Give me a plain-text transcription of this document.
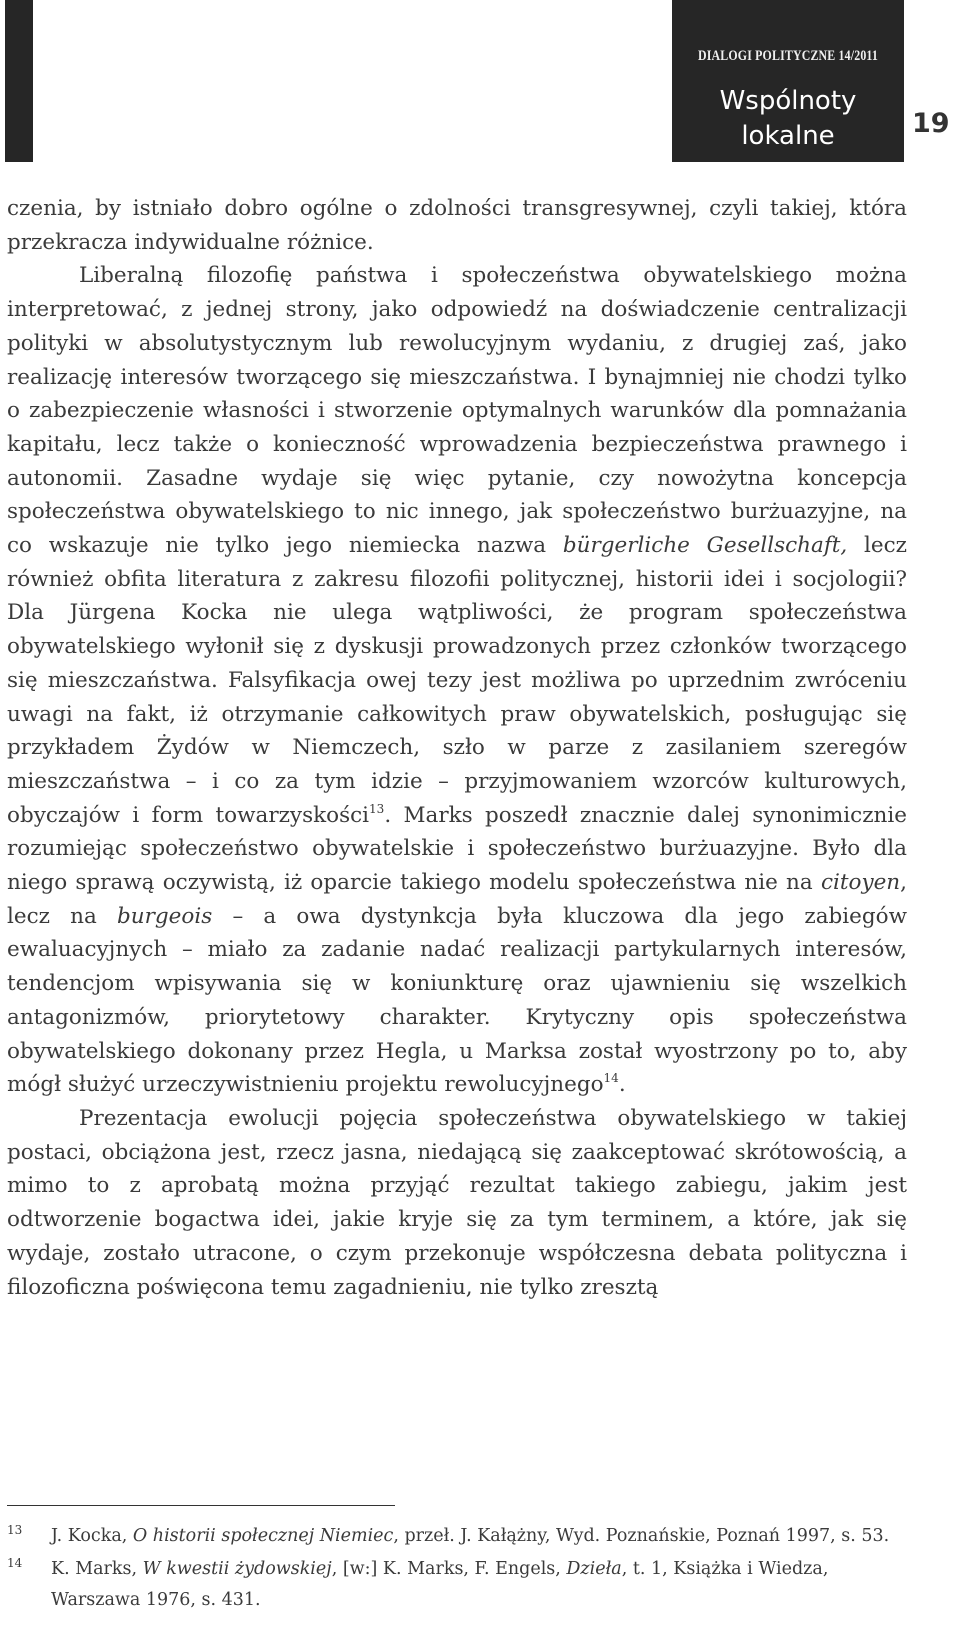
DIALOGI POLITYCZNE 14/2011
Wspólnoty
lokalne	19

czenia, by istniało dobro ogólne o zdolności transgresywnej, czyli takiej, która przekracza indywidualne różnice.

Liberalną filozofię państwa i społeczeństwa obywatelskiego można interpretować, z jednej strony, jako odpowiedź na doświadczenie centralizacji polityki w absolutystycznym lub rewolucyjnym wydaniu, z drugiej zaś, jako realizację interesów tworzącego się mieszczaństwa. I bynajmniej nie chodzi tylko o zabezpieczenie własności i stworzenie optymalnych warunków dla pomnażania kapitału, lecz także o konieczność wprowadzenia bezpieczeństwa prawnego i autonomii. Zasadne wydaje się więc pytanie, czy nowożytna koncepcja społeczeństwa obywatelskiego to nic innego, jak społeczeństwo burżuazyjne, na co wskazuje nie tylko jego niemiecka nazwa bürgerliche Gesellschaft, lecz również obfita literatura z zakresu filozofii politycznej, historii idei i socjologii? Dla Jürgena Kocka nie ulega wątpliwości, że program społeczeństwa obywatelskiego wyłonił się z dyskusji prowadzonych przez członków tworzącego się mieszczaństwa. Falsyfikacja owej tezy jest możliwa po uprzednim zwróceniu uwagi na fakt, iż otrzymanie całkowitych praw obywatelskich, posługując się przykładem Żydów w Niemczech, szło w parze z zasilaniem szeregów mieszczaństwa – i co za tym idzie – przyjmowaniem wzorców kulturowych, obyczajów i form towarzyskości$^{13}$. Marks poszedł znacznie dalej synonimicznie rozumiejąc społeczeństwo obywatelskie i społeczeństwo burżuazyjne. Było dla niego sprawą oczywistą, iż oparcie takiego modelu społeczeństwa nie na citoyen, lecz na burgeois – a owa dystynkcja była kluczowa dla jego zabiegów ewaluacyjnych – miało za zadanie nadać realizacji partykularnych interesów, tendencjom wpisywania się w koniunkturę oraz ujawnieniu się wszelkich antagonizmów, priorytetowy charakter. Krytyczny opis społeczeństwa obywatelskiego dokonany przez Hegla, u Marksa został wyostrzony po to, aby mógł służyć urzeczywistnieniu projektu rewolucyjnego$^{14}$.

Prezentacja ewolucji pojęcia społeczeństwa obywatelskiego w takiej postaci, obciążona jest, rzecz jasna, niedającą się zaakceptować skrótowością, a mimo to z aprobatą można przyjąć rezultat takiego zabiegu, jakim jest odtworzenie bogactwa idei, jakie kryje się za tym terminem, a które, jak się wydaje, zostało utracone, o czym przekonuje współczesna debata polityczna i filozoficzna poświęcona temu zagadnieniu, nie tylko zresztą

13 J. Kocka, O historii społecznej Niemiec, przeł. J. Kałążny, Wyd. Poznańskie, Poznań 1997, s. 53.
14 K. Marks, W kwestii żydowskiej, [w:] K. Marks, F. Engels, Dzieła, t. 1, Książka i Wiedza, Warszawa 1976, s. 431.
